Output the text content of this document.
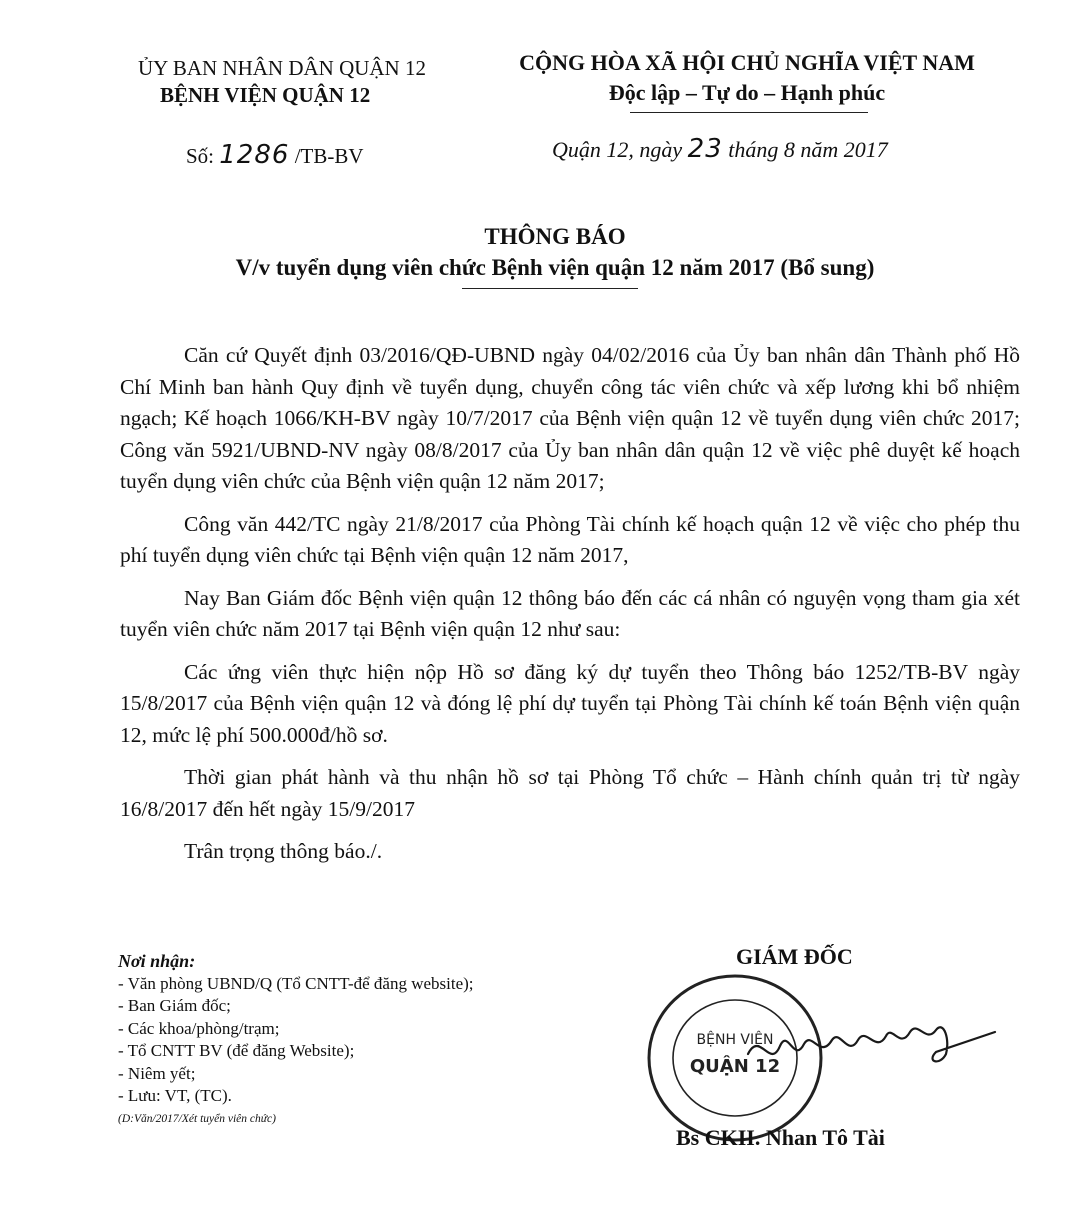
ỦY BAN NHÂN DÂN QUẬN 12
BỆNH VIỆN QUẬN 12
Số: 1286 /TB-BV
CỘNG HÒA XÃ HỘI CHỦ NGHĨA VIỆT NAM
Độc lập – Tự do – Hạnh phúc
Quận 12, ngày 23 tháng 8 năm 2017
THÔNG BÁO
V/v tuyển dụng viên chức Bệnh viện quận 12 năm 2017 (Bổ sung)

Căn cứ Quyết định 03/2016/QĐ-UBND ngày 04/02/2016 của Ủy ban nhân dân Thành phố Hồ Chí Minh ban hành Quy định về tuyển dụng, chuyển công tác viên chức và xếp lương khi bổ nhiệm ngạch; Kế hoạch 1066/KH-BV ngày 10/7/2017 của Bệnh viện quận 12 về tuyển dụng viên chức 2017; Công văn 5921/UBND-NV ngày 08/8/2017 của Ủy ban nhân dân quận 12 về việc phê duyệt kế hoạch tuyển dụng viên chức của Bệnh viện quận 12 năm 2017;

Công văn 442/TC ngày 21/8/2017 của Phòng Tài chính kế hoạch quận 12 về việc cho phép thu phí tuyển dụng viên chức tại Bệnh viện quận 12 năm 2017,

Nay Ban Giám đốc Bệnh viện quận 12 thông báo đến các cá nhân có nguyện vọng tham gia xét tuyển viên chức năm 2017 tại Bệnh viện quận 12 như sau:

Các ứng viên thực hiện nộp Hồ sơ đăng ký dự tuyển theo Thông báo 1252/TB-BV ngày 15/8/2017 của Bệnh viện quận 12 và đóng lệ phí dự tuyển tại Phòng Tài chính kế toán Bệnh viện quận 12, mức lệ phí 500.000đ/hồ sơ.

Thời gian phát hành và thu nhận hồ sơ tại Phòng Tổ chức – Hành chính quản trị từ ngày 16/8/2017 đến hết ngày 15/9/2017

Trân trọng thông báo./.

Nơi nhận:
- Văn phòng UBND/Q (Tổ CNTT-để đăng website);
- Ban Giám đốc;
- Các khoa/phòng/trạm;
- Tổ CNTT BV (để đăng Website);
- Niêm yết;
- Lưu: VT, (TC).
(D:Văn/2017/Xét tuyển viên chức)
GIÁM ĐỐC
BỆNH VIỆN
QUẬN 12
Bs CKII. Nhan Tô Tài
